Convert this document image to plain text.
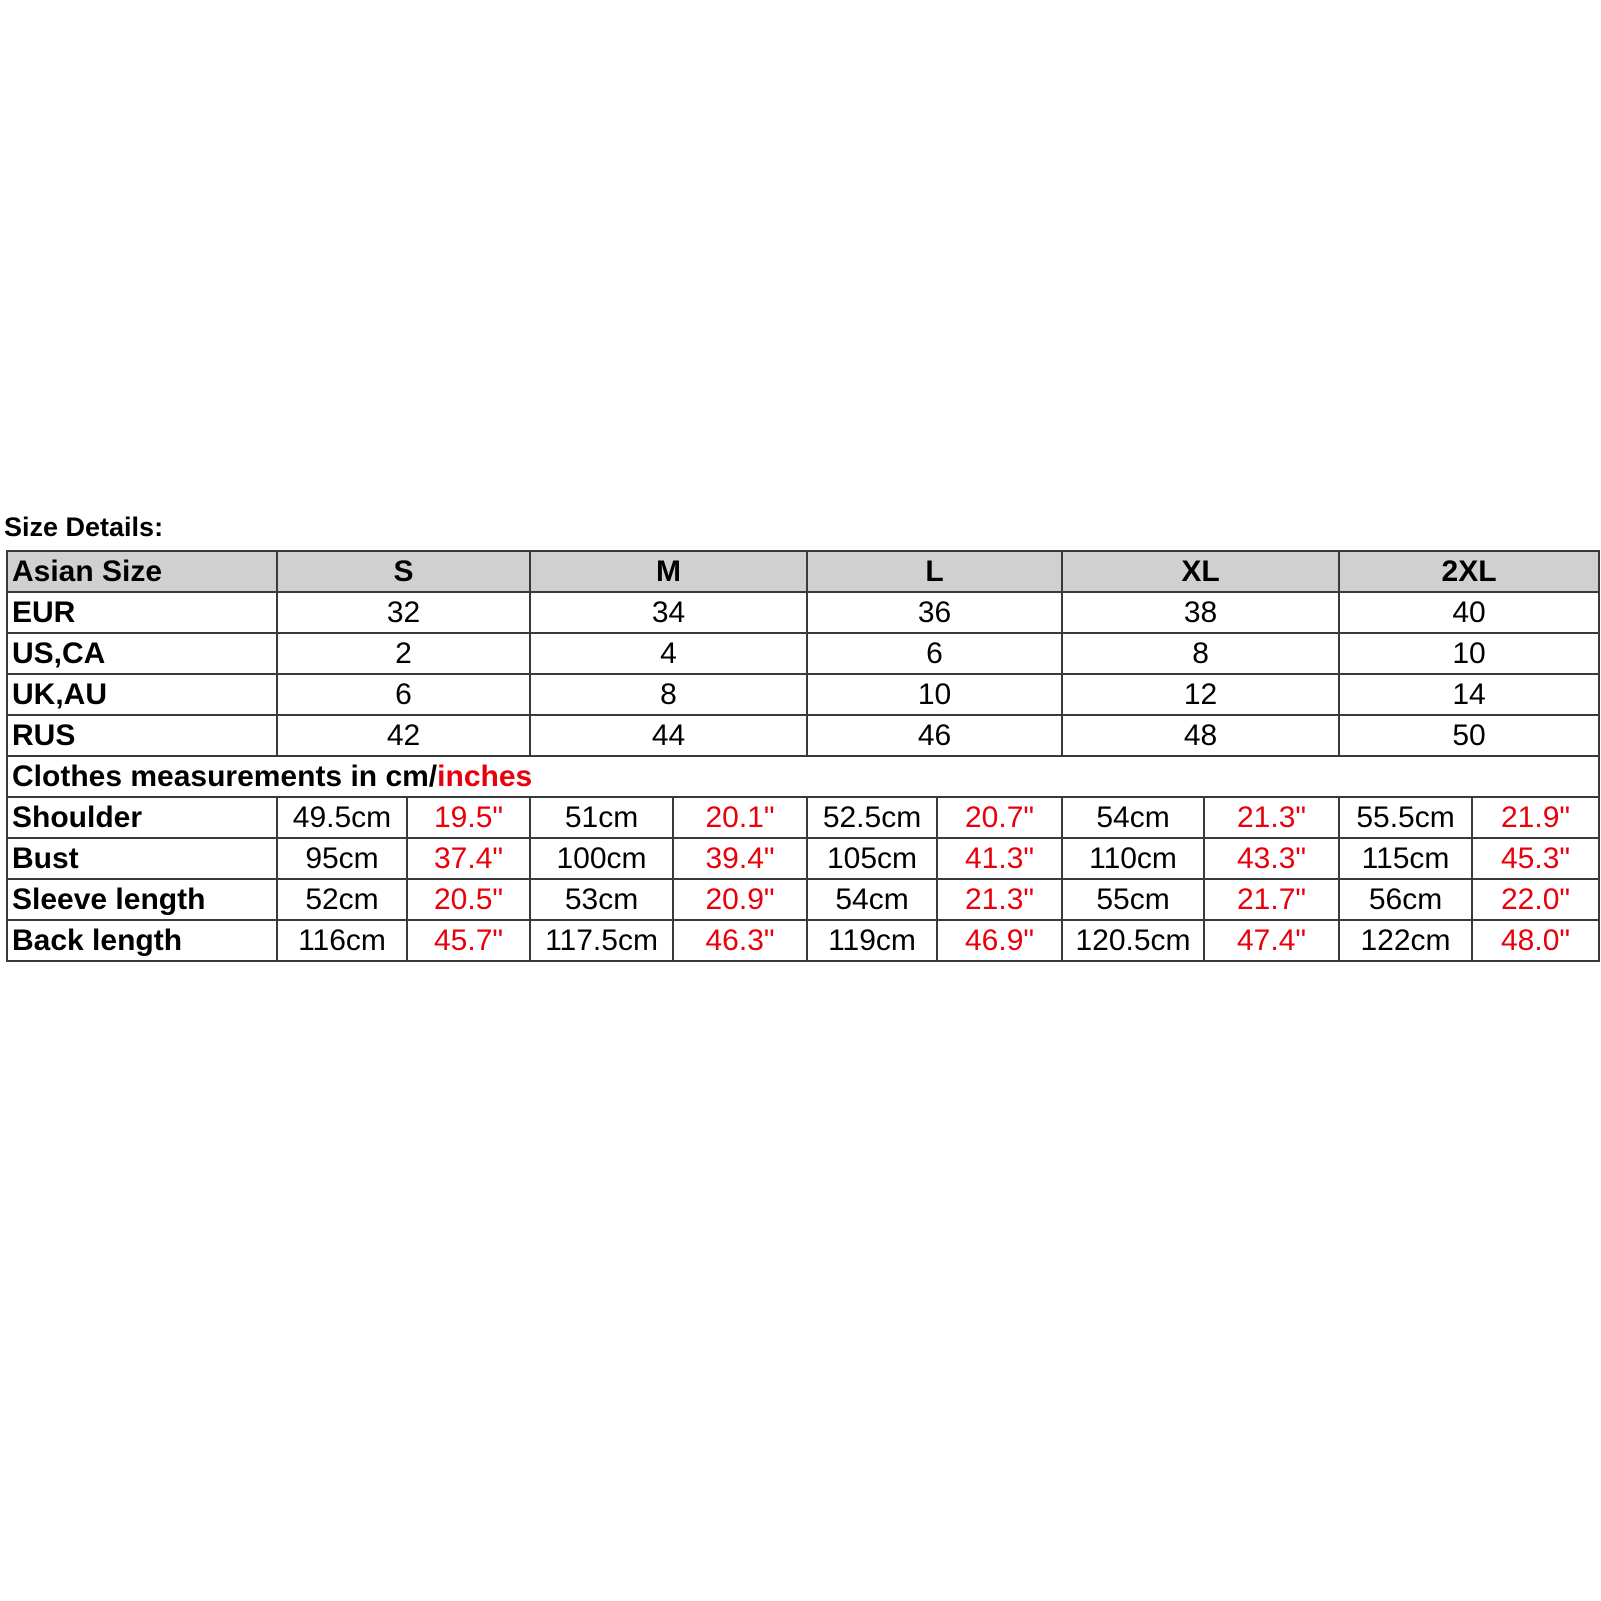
Size Details:
Asian Size	S		M		L		XL		2XL	
EUR	32		34		36		38		40	
US,CA	2		4		6		8		10	
UK,AU	6		8		10		12		14	
RUS	42		44		46		48		50	
Clothes measurements in cm/inches										
Shoulder	49.5cm	19.5"	51cm	20.1"	52.5cm	20.7"	54cm	21.3"	55.5cm	21.9"
Bust	95cm	37.4"	100cm	39.4"	105cm	41.3"	110cm	43.3"	115cm	45.3"
Sleeve length	52cm	20.5"	53cm	20.9"	54cm	21.3"	55cm	21.7"	56cm	22.0"
Back length	116cm	45.7"	117.5cm	46.3"	119cm	46.9"	120.5cm	47.4"	122cm	48.0"
